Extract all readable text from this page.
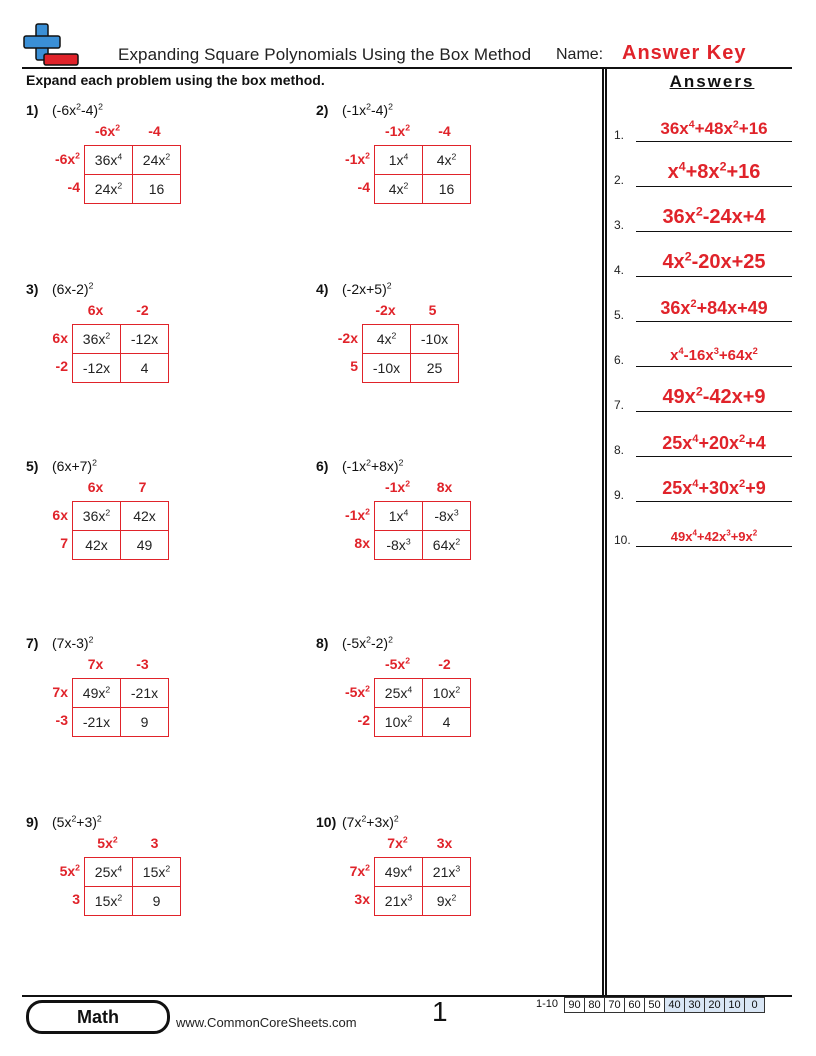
Expanding Square Polynomials Using the Box Method Name: Answer Key
Expand each problem using the box method.	Answers
1.	$36x^4+48x^2+16$
2.	$x^4+8x^2+16$
3.	$36x^2-24x+4$
4.	$4x^2-20x+25$
5.	$36x^2+84x+49$
6.	$x^4-16x^3+64x^2$
7.	$49x^2-42x+9$
8.	$25x^4+20x^2+4$
9.	$25x^4+30x^2+9$
10.	$49x^4+42x^3+9x^2$
1) $(-6x^2-4)^2$
$-6x^2$	-4
$-6x^2$
-4
$36x^4$	$24x^2$
$24x^2$	16
2) $(-1x^2-4)^2$
$-1x^2$	-4
$-1x^2$
-4
$1x^4$	$4x^2$
$4x^2$	16
3) $(6x-2)^2$
6x	-2
6x
-2
$36x^2$	-12x
-12x	4
4) $(-2x+5)^2$
-2x	5
-2x
5
$4x^2$	-10x
-10x	25
5) $(6x+7)^2$
6x	7
6x
7
$36x^2$	42x
42x	49
6) $(-1x^2+8x)^2$
$-1x^2$	8x
$-1x^2$
8x
$1x^4$	$-8x^3$
$-8x^3$	$64x^2$
7) $(7x-3)^2$
7x	-3
7x
-3
$49x^2$	-21x
-21x	9
8) $(-5x^2-2)^2$
$-5x^2$	-2
$-5x^2$
-2
$25x^4$	$10x^2$
$10x^2$	4
9) $(5x^2+3)^2$
$5x^2$	3
$5x^2$
3
$25x^4$	$15x^2$
$15x^2$	9
10) $(7x^2+3x)^2$
$7x^2$	3x
$7x^2$
3x
$49x^4$	$21x^3$
$21x^3$	$9x^2$
Math	www.CommonCoreSheets.com	1	1-10 90	80	70	60	50	40	30	20	10	0
